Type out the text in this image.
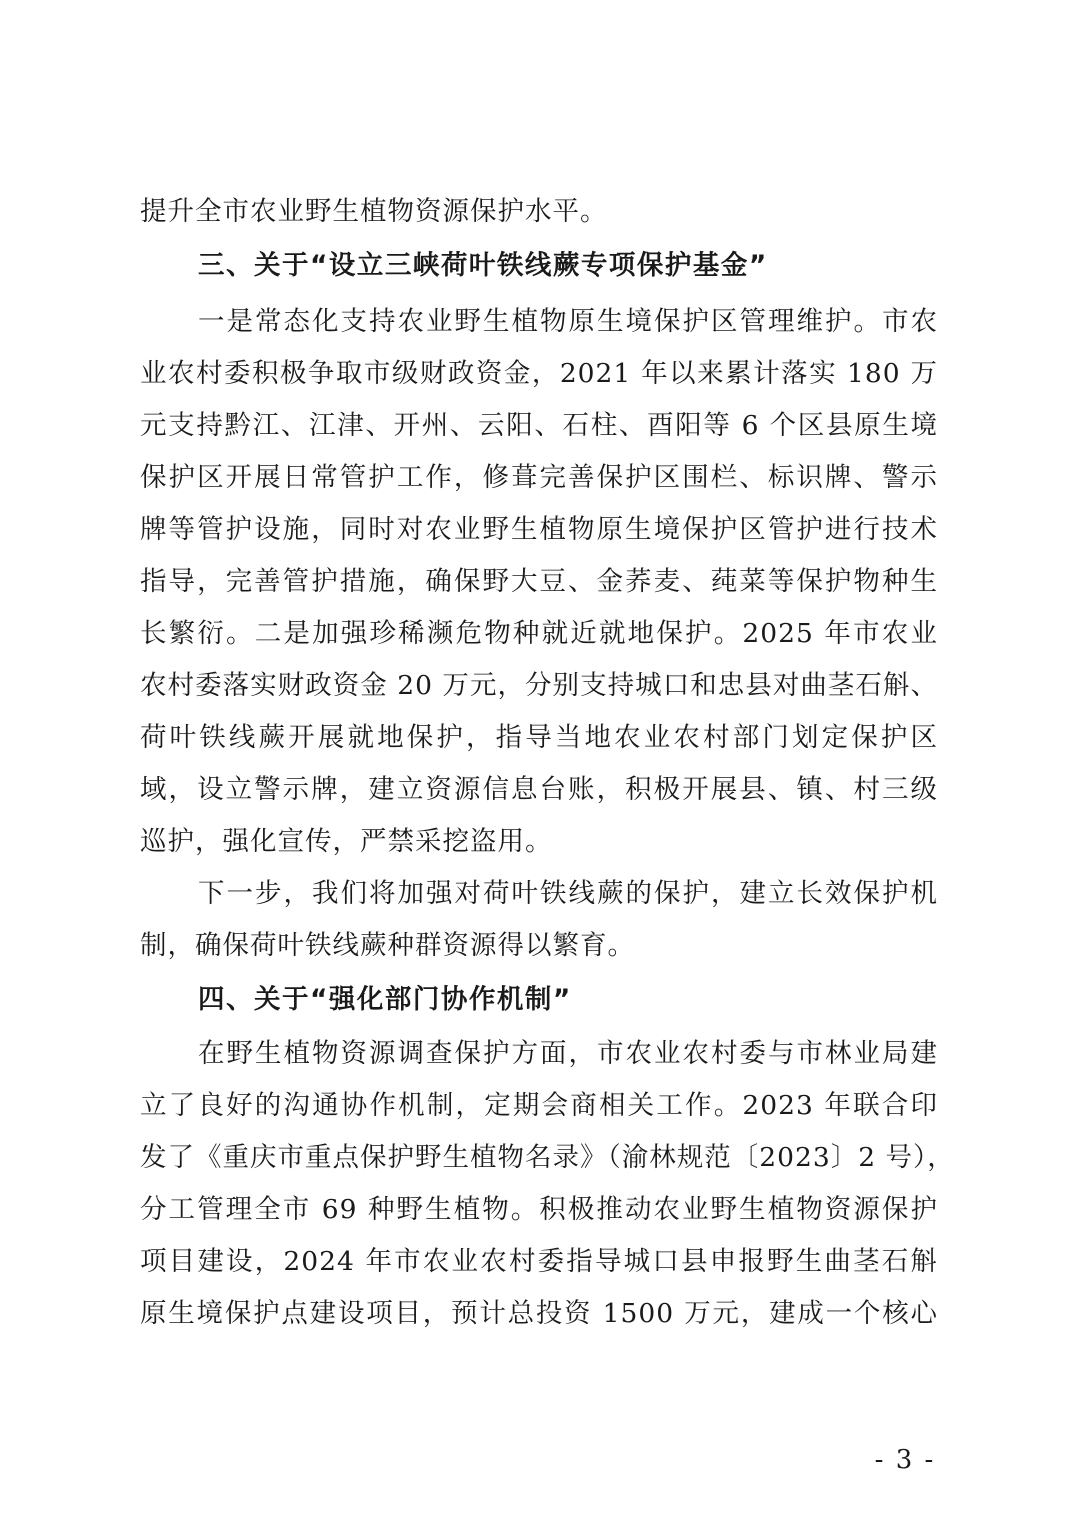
提升全市农业野生植物资源保护水平。
三、关于“设立三峡荷叶铁线蕨专项保护基金”
一是常态化支持农业野生植物原生境保护区管理维护。市农
业农村委积极争取市级财政资金，2021 年以来累计落实 180 万
元支持黔江、江津、开州、云阳、石柱、酉阳等 6 个区县原生境
保护区开展日常管护工作，修葺完善保护区围栏、标识牌、警示
牌等管护设施，同时对农业野生植物原生境保护区管护进行技术
指导，完善管护措施，确保野大豆、金荞麦、莼菜等保护物种生
长繁衍。二是加强珍稀濒危物种就近就地保护。2025 年市农业
农村委落实财政资金 20 万元，分别支持城口和忠县对曲茎石斛、
荷叶铁线蕨开展就地保护，指导当地农业农村部门划定保护区
域，设立警示牌，建立资源信息台账，积极开展县、镇、村三级
巡护，强化宣传，严禁采挖盗用。
下一步，我们将加强对荷叶铁线蕨的保护，建立长效保护机
制，确保荷叶铁线蕨种群资源得以繁育。
四、关于“强化部门协作机制”
在野生植物资源调查保护方面，市农业农村委与市林业局建
立了良好的沟通协作机制，定期会商相关工作。2023 年联合印
发了《重庆市重点保护野生植物名录》（渝林规范〔2023〕2 号），
分工管理全市 69 种野生植物。积极推动农业野生植物资源保护
项目建设，2024 年市农业农村委指导城口县申报野生曲茎石斛
原生境保护点建设项目，预计总投资 1500 万元，建成一个核心
- 3 -
